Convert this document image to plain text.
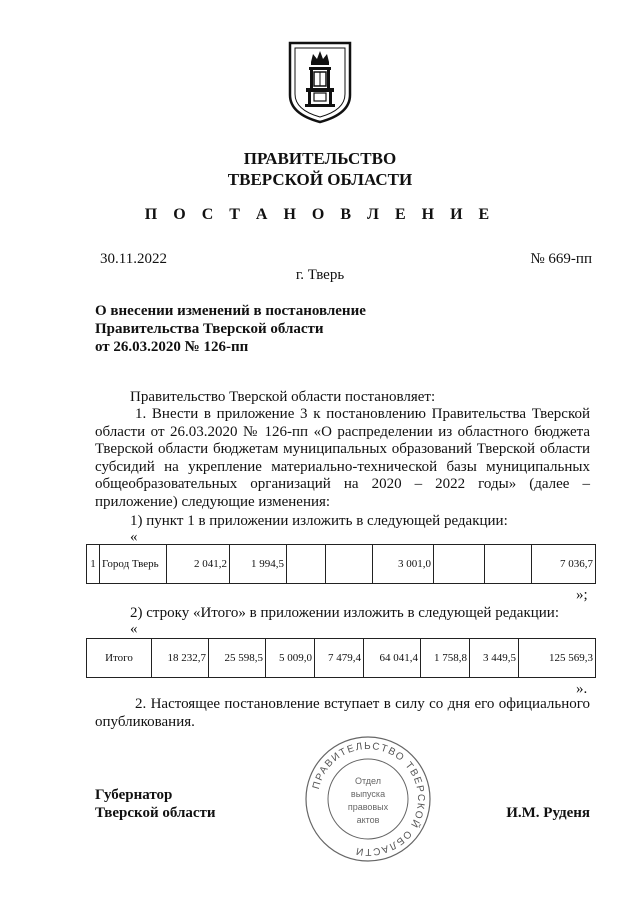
ПРАВИТЕЛЬСТВО
ТВЕРСКОЙ ОБЛАСТИ
П О С Т А Н О В Л Е Н И Е
30.11.2022	№ 669-пп
г. Тверь
О внесении изменений в постановление
Правительства Тверской области
от 26.03.2020 № 126-пп
Правительство Тверской области постановляет:
1. Внести в приложение 3 к постановлению Правительства Тверской области от 26.03.2020 № 126-пп «О распределении из областного бюджета Тверской области бюджетам муниципальных образований Тверской области субсидий на укрепление материально-технической базы муниципальных общеобразовательных организаций на 2020 – 2022 годы» (далее – приложение) следующие изменения:
1) пункт 1 в приложении изложить в следующей редакции:
«
1	Город Тверь	2 041,2	1 994,5			3 001,0			7 036,7
»;
2) строку «Итого» в приложении изложить в следующей редакции:
«
Итого	18 232,7	25 598,5	5 009,0	7 479,4	64 041,4	1 758,8	3 449,5	125 569,3
».
2. Настоящее постановление вступает в силу со дня его официального опубликования.
Губернатор
Тверской области	И.М. Руденя
ПРАВИТЕЛЬСТВО ТВЕРСКОЙ ОБЛАСТИ
Отдел
выпуска
правовых
актов
